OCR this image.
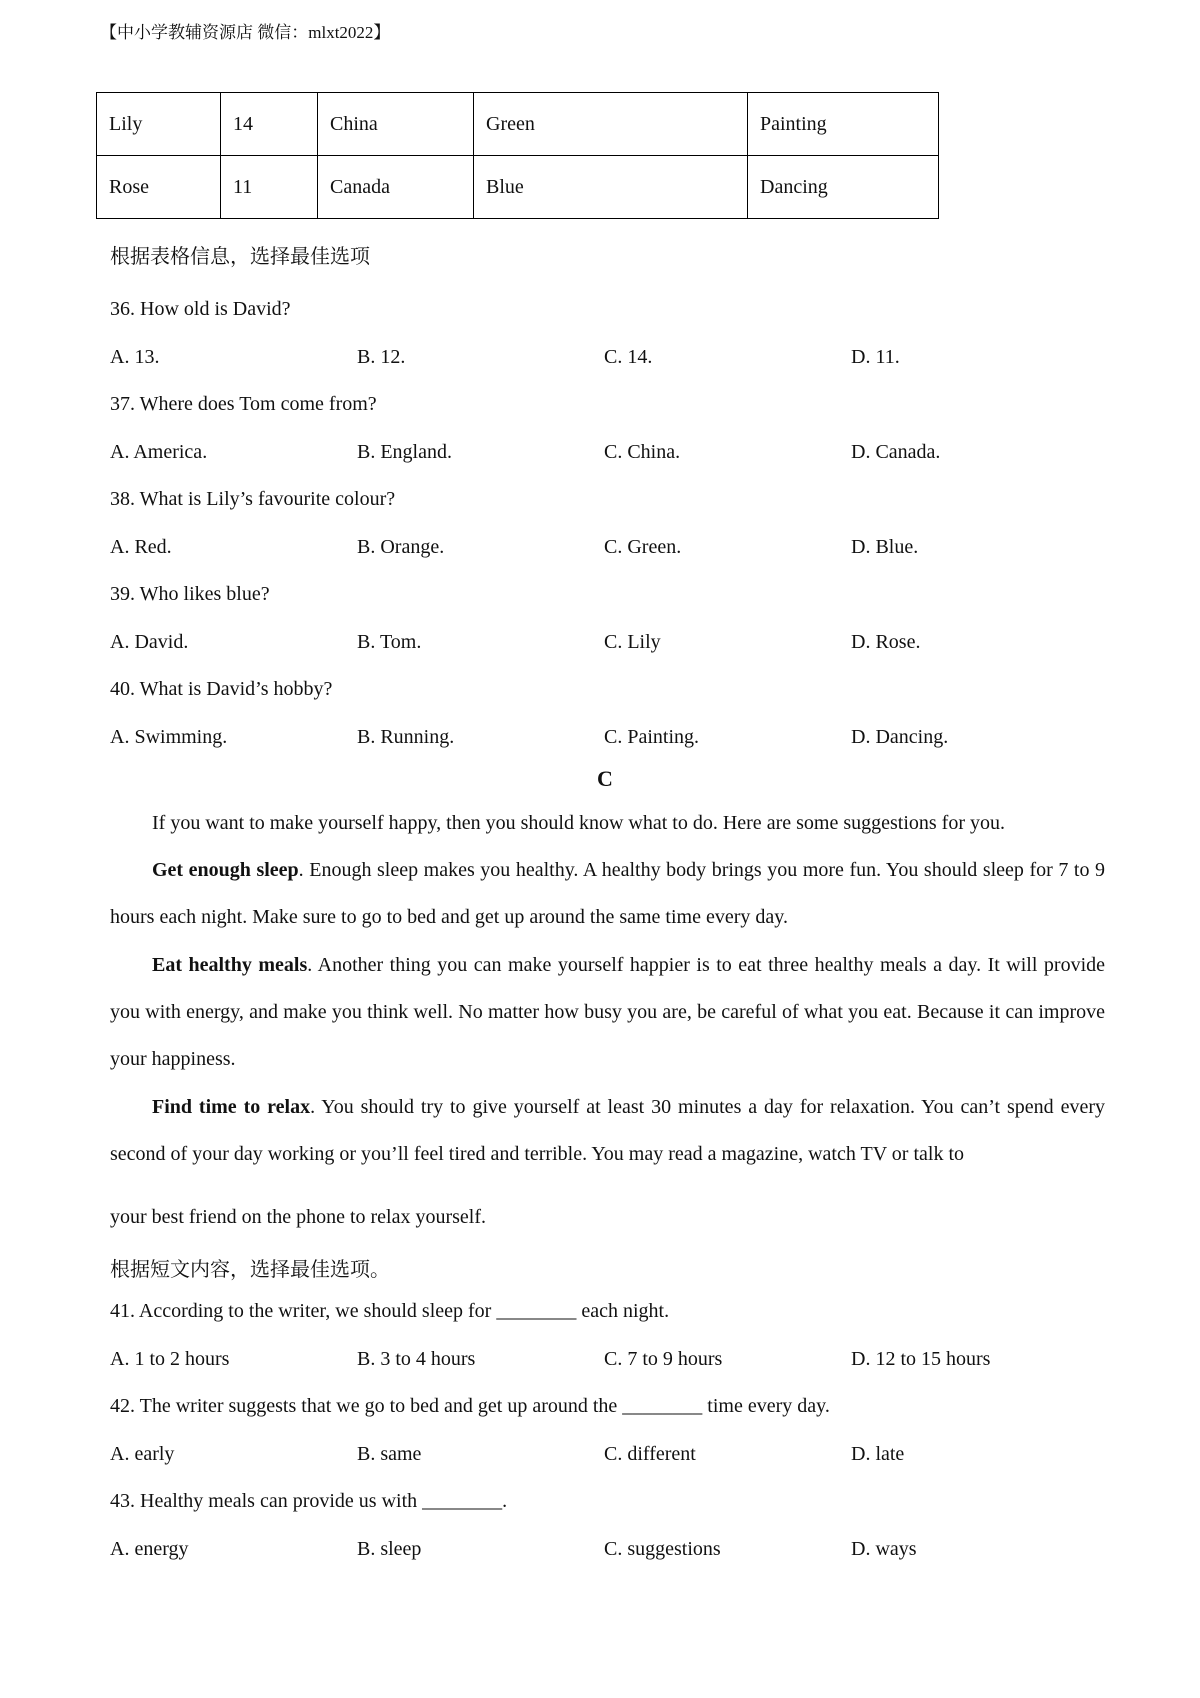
【中小学教辅资源店 微信：mlxt2022】
Lily	14	China	Green	Painting
Rose	11	Canada	Blue	Dancing
根据表格信息，选择最佳选项
36. How old is David?
A. 13.	B. 12.	C. 14.	D. 11.
37. Where does Tom come from?
A. America.	B. England.	C. China.	D. Canada.
38. What is Lily’s favourite colour?
A. Red.	B. Orange.	C. Green.	D. Blue.
39. Who likes blue?
A. David.	B. Tom.	C. Lily	D. Rose.
40. What is David’s hobby?
A. Swimming.	B. Running.	C. Painting.	D. Dancing.
C
If you want to make yourself happy, then you should know what to do. Here are some suggestions for you.
Get enough sleep. Enough sleep makes you healthy. A healthy body brings you more fun. You should sleep for 7 to 9 hours each night. Make sure to go to bed and get up around the same time every day.
Eat healthy meals. Another thing you can make yourself happier is to eat three healthy meals a day. It will provide you with energy, and make you think well. No matter how busy you are, be careful of what you eat. Because it can improve your happiness.
Find time to relax. You should try to give yourself at least 30 minutes a day for relaxation. You can’t spend every second of your day working or you’ll feel tired and terrible. You may read a magazine, watch TV or talk to
your best friend on the phone to relax yourself.
根据短文内容，选择最佳选项。
41. According to the writer, we should sleep for ________ each night.
A. 1 to 2 hours	B. 3 to 4 hours	C. 7 to 9 hours	D. 12 to 15 hours
42. The writer suggests that we go to bed and get up around the ________ time every day.
A. early	B. same	C. different	D. late
43. Healthy meals can provide us with ________.
A. energy	B. sleep	C. suggestions	D. ways
